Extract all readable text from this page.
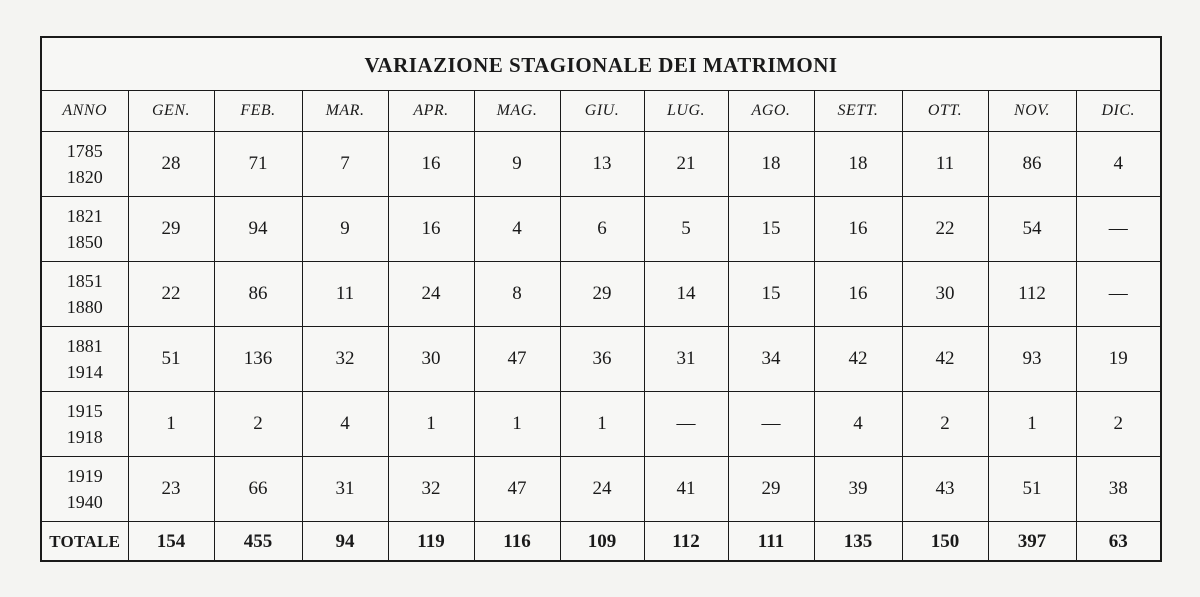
VARIAZIONE STAGIONALE DEI MATRIMONI												
ANNO	GEN.	FEB.	MAR.	APR.	MAG.	GIU.	LUG.	AGO.	SETT.	OTT.	NOV.	DIC.

1785
1820	28	71	7	16	9	13	21	18	18	11	86	4

1821
1850	29	94	9	16	4	6	5	15	16	22	54	—

1851
1880	22	86	11	24	8	29	14	15	16	30	112	—

1881
1914	51	136	32	30	47	36	31	34	42	42	93	19

1915
1918	1	2	4	1	1	1	—	—	4	2	1	2

1919
1940	23	66	31	32	47	24	41	29	39	43	51	38
TOTALE	154	455	94	119	116	109	112	111	135	150	397	63
